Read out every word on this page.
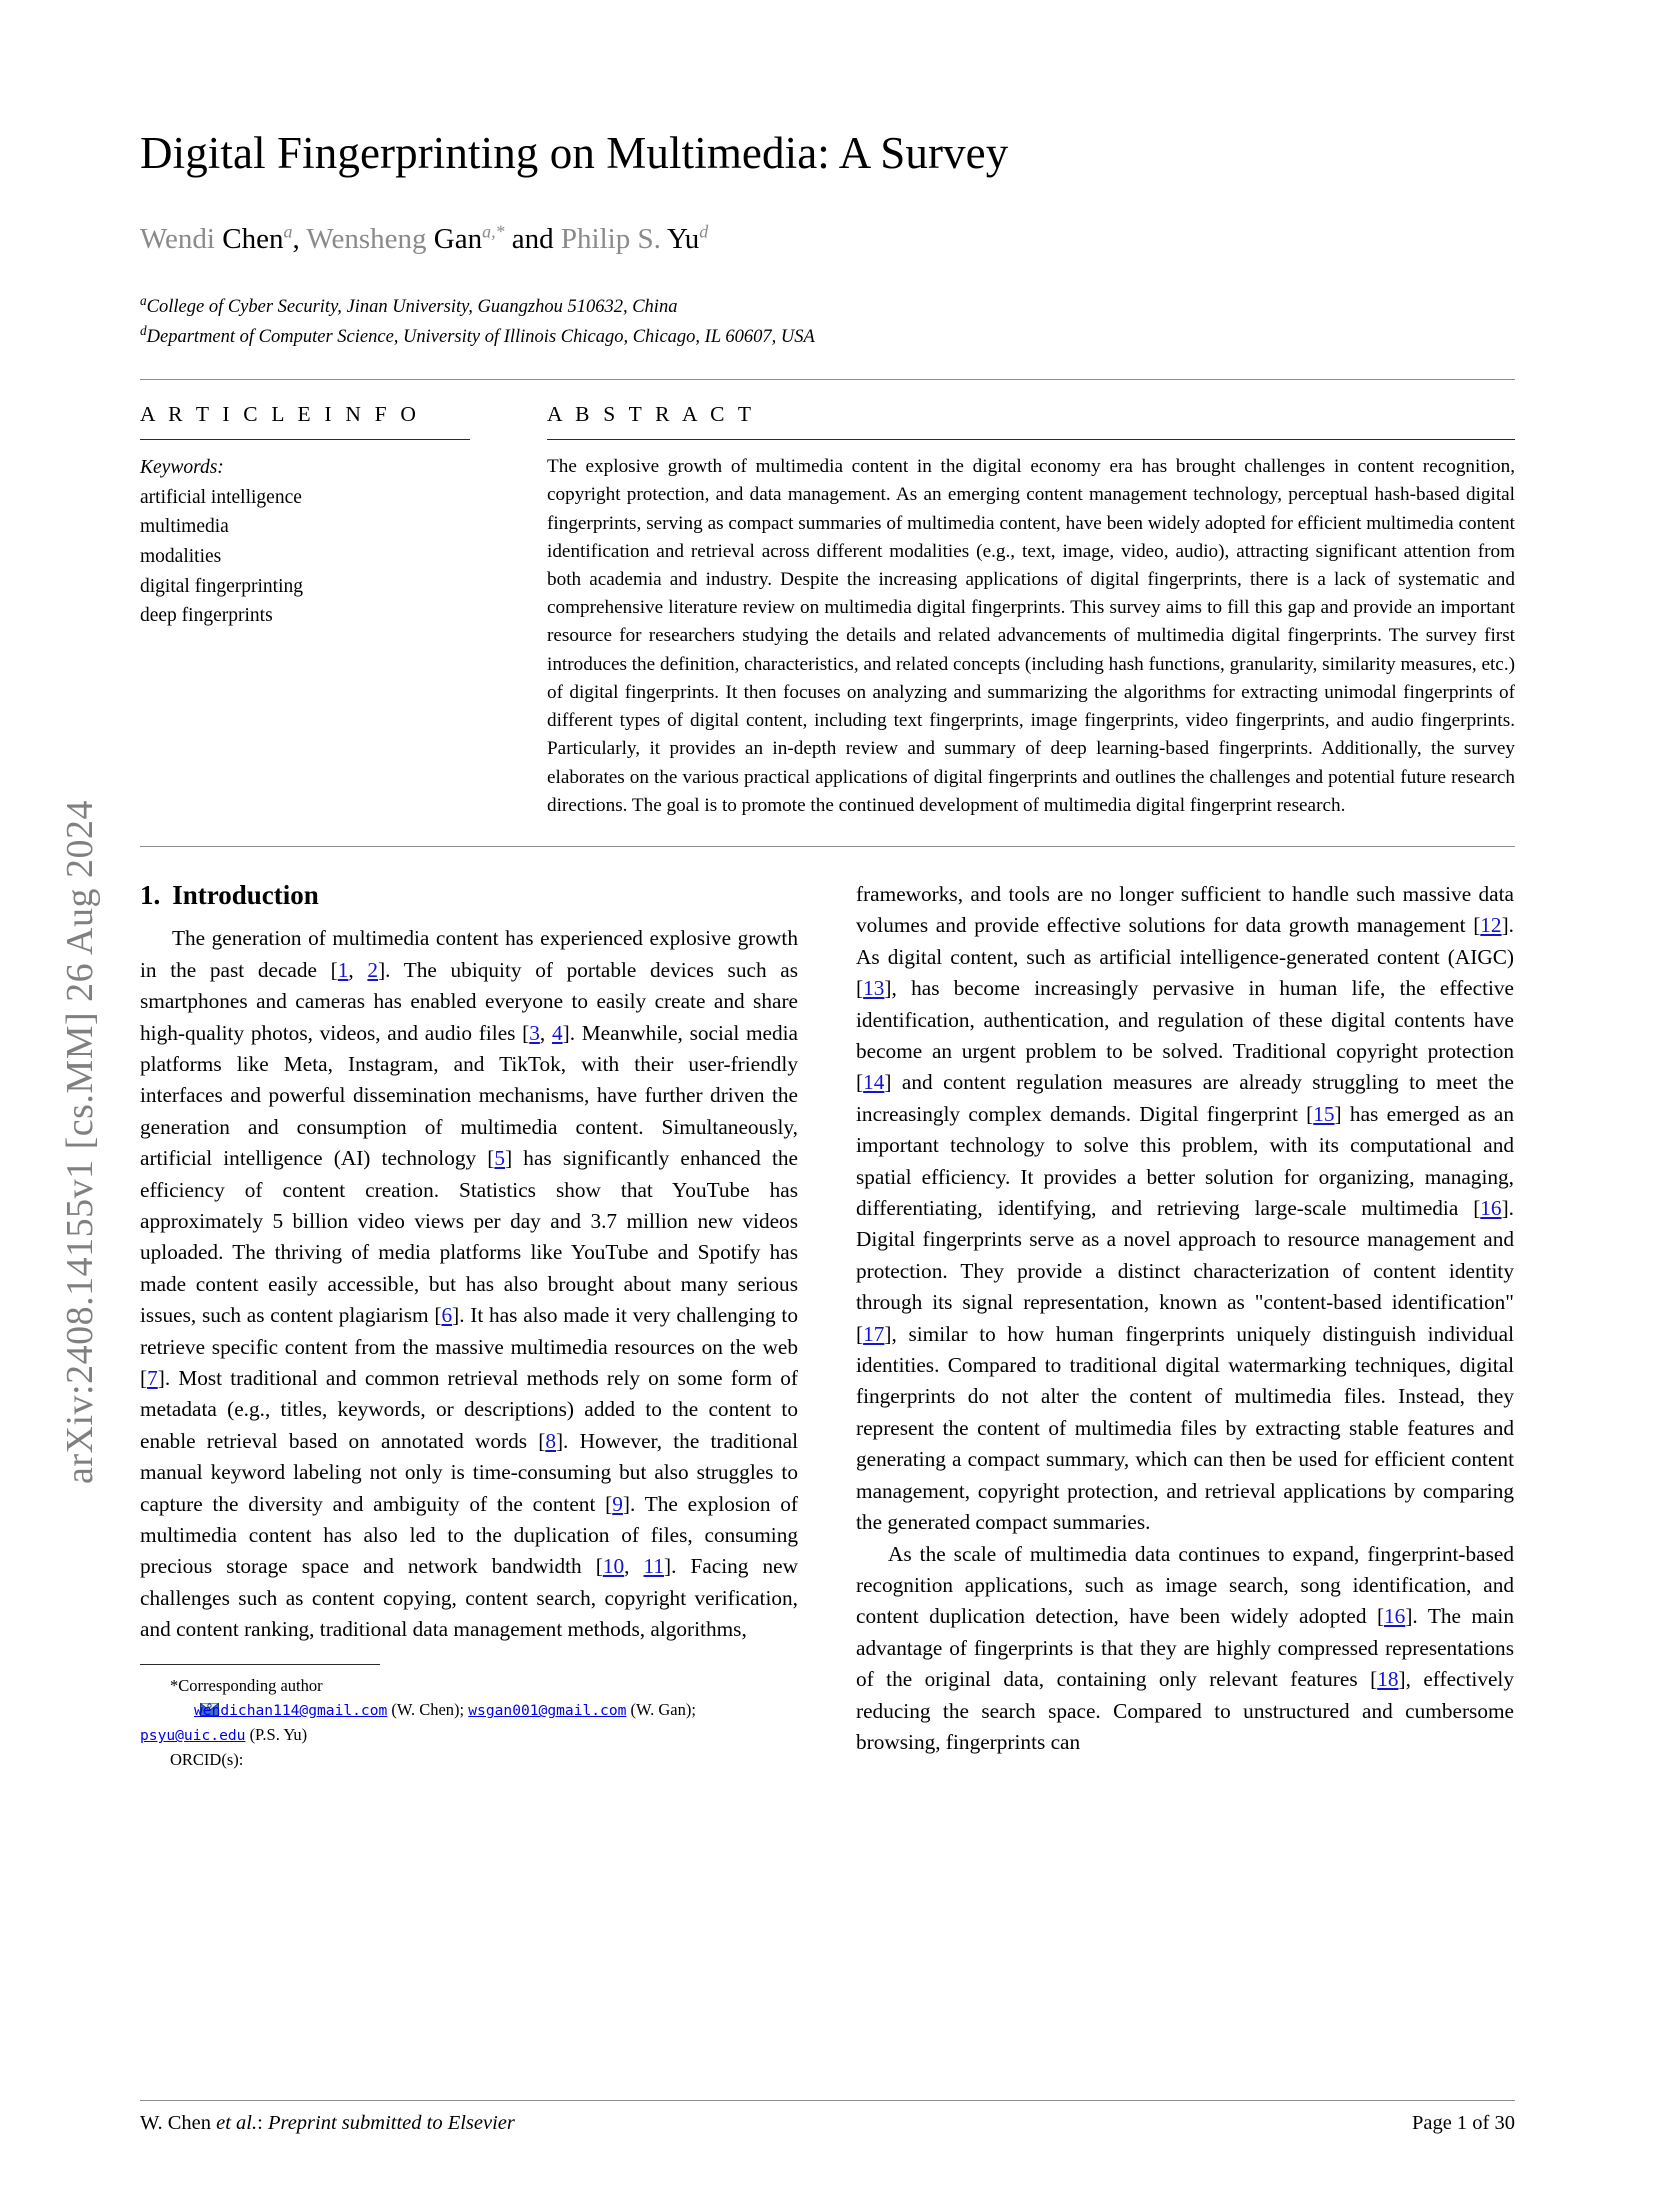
arXiv:2408.14155v1 [cs.MM] 26 Aug 2024
Digital Fingerprinting on Multimedia: A Survey
Wendi Chen$^a$, Wensheng Gan$^{a,*}$ and Philip S. Yu$^d$
$^a$College of Cyber Security, Jinan University, Guangzhou 510632, China
$^d$Department of Computer Science, University of Illinois Chicago, Chicago, IL 60607, USA
A R T I C L E I N F O
Keywords:
artificial intelligence
multimedia
modalities
digital fingerprinting
deep fingerprints
A B S T R A C T
The explosive growth of multimedia content in the digital economy era has brought challenges in content recognition, copyright protection, and data management. As an emerging content management technology, perceptual hash-based digital fingerprints, serving as compact summaries of multimedia content, have been widely adopted for efficient multimedia content identification and retrieval across different modalities (e.g., text, image, video, audio), attracting significant attention from both academia and industry. Despite the increasing applications of digital fingerprints, there is a lack of systematic and comprehensive literature review on multimedia digital fingerprints. This survey aims to fill this gap and provide an important resource for researchers studying the details and related advancements of multimedia digital fingerprints. The survey first introduces the definition, characteristics, and related concepts (including hash functions, granularity, similarity measures, etc.) of digital fingerprints. It then focuses on analyzing and summarizing the algorithms for extracting unimodal fingerprints of different types of digital content, including text fingerprints, image fingerprints, video fingerprints, and audio fingerprints. Particularly, it provides an in-depth review and summary of deep learning-based fingerprints. Additionally, the survey elaborates on the various practical applications of digital fingerprints and outlines the challenges and potential future research directions. The goal is to promote the continued development of multimedia digital fingerprint research.
1. Introduction

The generation of multimedia content has experienced explosive growth in the past decade [1, 2]. The ubiquity of portable devices such as smartphones and cameras has enabled everyone to easily create and share high-quality photos, videos, and audio files [3, 4]. Meanwhile, social media platforms like Meta, Instagram, and TikTok, with their user-friendly interfaces and powerful dissemination mechanisms, have further driven the generation and consumption of multimedia content. Simultaneously, artificial intelligence (AI) technology [5] has significantly enhanced the efficiency of content creation. Statistics show that YouTube has approximately 5 billion video views per day and 3.7 million new videos uploaded. The thriving of media platforms like YouTube and Spotify has made content easily accessible, but has also brought about many serious issues, such as content plagiarism [6]. It has also made it very challenging to retrieve specific content from the massive multimedia resources on the web [7]. Most traditional and common retrieval methods rely on some form of metadata (e.g., titles, keywords, or descriptions) added to the content to enable retrieval based on annotated words [8]. However, the traditional manual keyword labeling not only is time-consuming but also struggles to capture the diversity and ambiguity of the content [9]. The explosion of multimedia content has also led to the duplication of files, consuming precious storage space and network bandwidth [10, 11]. Facing new challenges such as content copying, content search, copyright verification, and content ranking, traditional data management methods, algorithms,

*Corresponding author
wendichan114@gmail.com (W. Chen); wsgan001@gmail.com (W. Gan); psyu@uic.edu (P.S. Yu)
ORCID(s):

frameworks, and tools are no longer sufficient to handle such massive data volumes and provide effective solutions for data growth management [12]. As digital content, such as artificial intelligence-generated content (AIGC) [13], has become increasingly pervasive in human life, the effective identification, authentication, and regulation of these digital contents have become an urgent problem to be solved. Traditional copyright protection [14] and content regulation measures are already struggling to meet the increasingly complex demands. Digital fingerprint [15] has emerged as an important technology to solve this problem, with its computational and spatial efficiency. It provides a better solution for organizing, managing, differentiating, identifying, and retrieving large-scale multimedia [16]. Digital fingerprints serve as a novel approach to resource management and protection. They provide a distinct characterization of content identity through its signal representation, known as "content-based identification" [17], similar to how human fingerprints uniquely distinguish individual identities. Compared to traditional digital watermarking techniques, digital fingerprints do not alter the content of multimedia files. Instead, they represent the content of multimedia files by extracting stable features and generating a compact summary, which can then be used for efficient content management, copyright protection, and retrieval applications by comparing the generated compact summaries.

As the scale of multimedia data continues to expand, fingerprint-based recognition applications, such as image search, song identification, and content duplication detection, have been widely adopted [16]. The main advantage of fingerprints is that they are highly compressed representations of the original data, containing only relevant features [18], effectively reducing the search space. Compared to unstructured and cumbersome browsing, fingerprints can

W. Chen et al.: Preprint submitted to Elsevier	Page 1 of 30
